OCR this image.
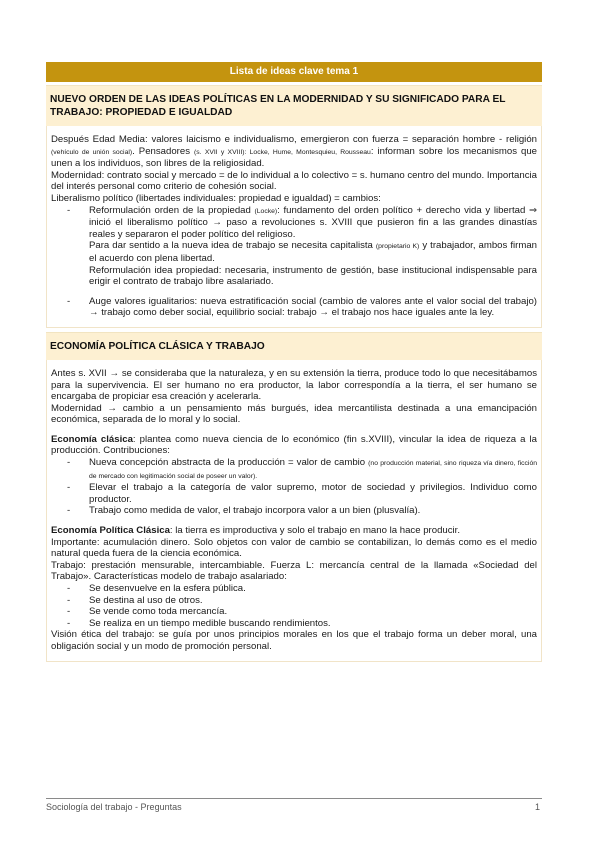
Lista de ideas clave tema 1
NUEVO ORDEN DE LAS IDEAS POLÍTICAS EN LA MODERNIDAD Y SU SIGNIFICADO PARA EL TRABAJO: PROPIEDAD E IGUALDAD

Después Edad Media: valores laicismo e individualismo, emergieron con fuerza = separación hombre - religión (vehículo de unión social). Pensadores (s. XVII y XVIII): Locke, Hume, Montesquieu, Rousseau: informan sobre los mecanismos que unen a los individuos, son libres de la religiosidad.

Modernidad: contrato social y mercado = de lo individual a lo colectivo = s. humano centro del mundo. Importancia del interés personal como criterio de cohesión social.

Liberalismo político (libertades individuales: propiedad e igualdad) = cambios:

- Reformulación orden de la propiedad (Locke): fundamento del orden político + derecho vida y libertad ⇒ inició el liberalismo político → paso a revoluciones s. XVIII que pusieron fin a las grandes dinastías reales y separaron el poder político del religioso.
Para dar sentido a la nueva idea de trabajo se necesita capitalista (propietario K) y trabajador, ambos firman el acuerdo con plena libertad.
Reformulación idea propiedad: necesaria, instrumento de gestión, base institucional indispensable para erigir el contrato de trabajo libre asalariado.
- Auge valores igualitarios: nueva estratificación social (cambio de valores ante el valor social del trabajo) → trabajo como deber social, equilibrio social: trabajo → el trabajo nos hace iguales ante la ley.
ECONOMÍA POLÍTICA CLÁSICA Y TRABAJO

Antes s. XVII → se consideraba que la naturaleza, y en su extensión la tierra, produce todo lo que necesitábamos para la supervivencia. El ser humano no era productor, la labor correspondía a la tierra, el ser humano se encargaba de propiciar esa creación y acelerarla.

Modernidad → cambio a un pensamiento más burgués, idea mercantilista destinada a una emancipación económica, separada de lo moral y lo social.

Economía clásica: plantea como nueva ciencia de lo económico (fin s.XVIII), vincular la idea de riqueza a la producción. Contribuciones:

- Nueva concepción abstracta de la producción = valor de cambio (no producción material, sino riqueza vía dinero, ficción de mercado con legitimación social de poseer un valor).
- Elevar el trabajo a la categoría de valor supremo, motor de sociedad y privilegios. Individuo como productor.
- Trabajo como medida de valor, el trabajo incorpora valor a un bien (plusvalía).

Economía Política Clásica: la tierra es improductiva y solo el trabajo en mano la hace producir.

Importante: acumulación dinero. Solo objetos con valor de cambio se contabilizan, lo demás como es el medio natural queda fuera de la ciencia económica.

Trabajo: prestación mensurable, intercambiable. Fuerza L: mercancía central de la llamada «Sociedad del Trabajo». Características modelo de trabajo asalariado:

- Se desenvuelve en la esfera pública.
- Se destina al uso de otros.
- Se vende como toda mercancía.
- Se realiza en un tiempo medible buscando rendimientos.

Visión ética del trabajo: se guía por unos principios morales en los que el trabajo forma un deber moral, una obligación social y un modo de promoción personal.

Sociología del trabajo - Preguntas	1
